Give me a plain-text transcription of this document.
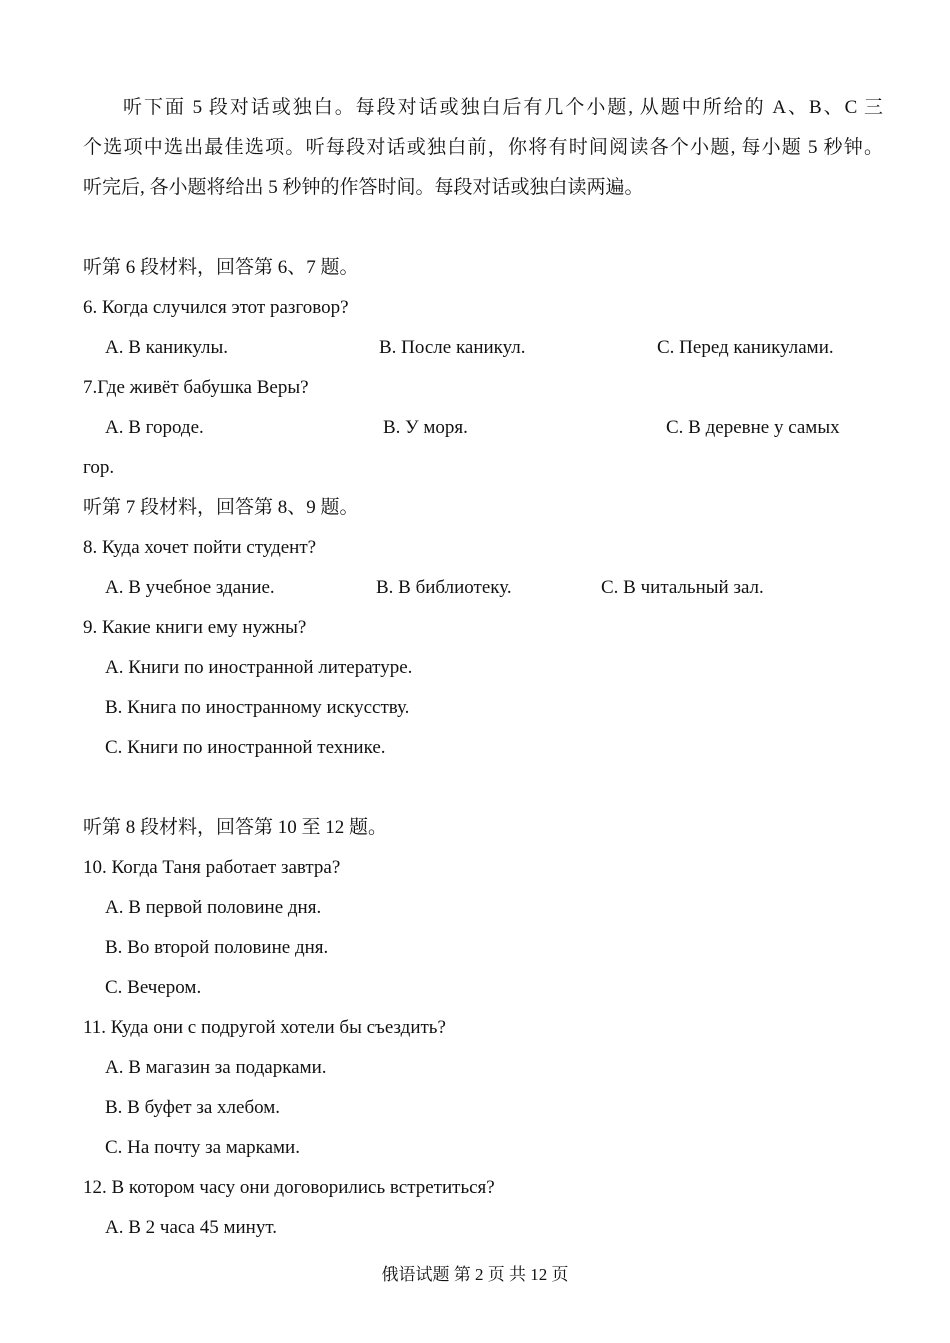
听下面 5 段对话或独白。每段对话或独白后有几个小题, 从题中所给的 A、B、C 三
个选项中选出最佳选项。听每段对话或独白前，你将有时间阅读各个小题, 每小题 5 秒钟。
听完后, 各小题将给出 5 秒钟的作答时间。每段对话或独白读两遍。
听第 6 段材料，回答第 6、7 题。
6. Когда случился этот разговор?
A. В каникулы.	B. После каникул.	C. Перед каникулами.
7.Где живёт бабушка Веры?
A. В городе.	B. У моря.	C. В деревне у самых
гор.
听第 7 段材料，回答第 8、9 题。
8. Куда хочет пойти студент?
A. В учебное здание.	B. В библиотеку.	C. В читальный зал.
9. Какие книги ему нужны?
A. Книги по иностранной литературе.
B. Книга по иностранному искусству.
C. Книги по иностранной технике.
听第 8 段材料，回答第 10 至 12 题。
10. Когда Таня работает завтра?
A. В первой половине дня.
B. Во второй половине дня.
C. Вечером.
11. Куда они с подругой хотели бы съездить?
A. В магазин за подарками.
B. В буфет за хлебом.
C. На почту за марками.
12. В котором часу они договорились встретиться?
A. В 2 часа 45 минут.
俄语试题 第 2 页 共 12 页
